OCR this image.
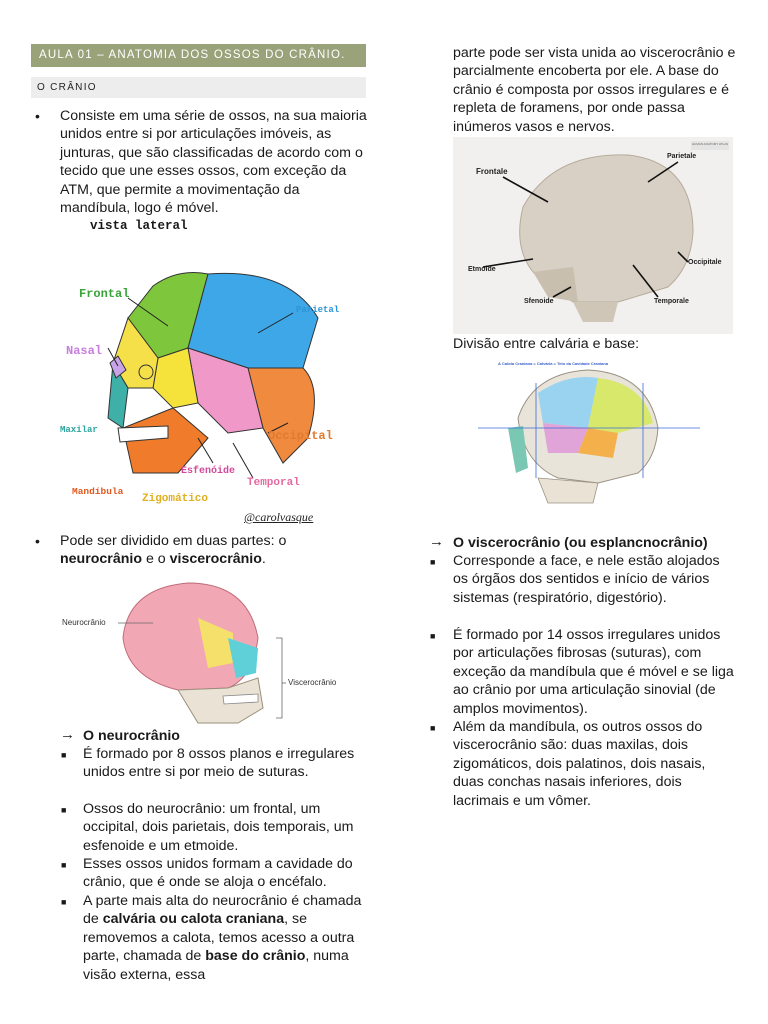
AULA 01 – ANATOMIA DOS OSSOS DO CRÂNIO.
O CRÂNIO
• Consiste em uma série de ossos, na sua maioria unidos entre si por articulações imóveis, as junturas, que são classificadas de acordo com o tecido que une esses ossos, com exceção da ATM, que permite a movimentação da mandíbula, logo é móvel.
vista lateral
Frontal
Parietal
Nasal
Maxilar	Occipital
Esfenóide
Temporal
Mandíbula
Zigomático
@carolvasque
• Pode ser dividido em duas partes: o neurocrânio e o viscerocrânio.
Neurocrânio
Viscerocrânio
→ O neurocrânio
■ É formado por 8 ossos planos e irregulares unidos entre si por meio de suturas.
■ Ossos do neurocrânio: um frontal, um occipital, dois parietais, dois temporais, um esfenoide e um etmoide.
■ Esses ossos unidos formam a cavidade do crânio, que é onde se aloja o encéfalo.
■ A parte mais alta do neurocrânio é chamada de calvária ou calota craniana, se removemos a calota, temos acesso a outra parte, chamada de base do crânio, numa visão externa, essa
parte pode ser vista unida ao viscerocrânio e parcialmente encoberta por ele. A base do crânio é composta por ossos irregulares e é repleta de foramens, por onde passa inúmeros vasos e nervos.
Frontale
Parietale
Occipitale
Etmoide
Sfenoide	Temporale
HUMAN ANATOMY ATLAS
Divisão entre calvária e base:
A Calota Craniana = Calvária = Teto da Cavidade Craniana
→ O viscerocrânio (ou esplancnocrânio)
■ Corresponde a face, e nele estão alojados os órgãos dos sentidos e início de vários sistemas (respiratório, digestório).
■ É formado por 14 ossos irregulares unidos por articulações fibrosas (suturas), com exceção da mandíbula que é móvel e se liga ao crânio por uma articulação sinovial (de amplos movimentos).
■ Além da mandíbula, os outros ossos do viscerocrânio são: duas maxilas, dois zigomáticos, dois palatinos, dois nasais, duas conchas nasais inferiores, dois lacrimais e um vômer.
